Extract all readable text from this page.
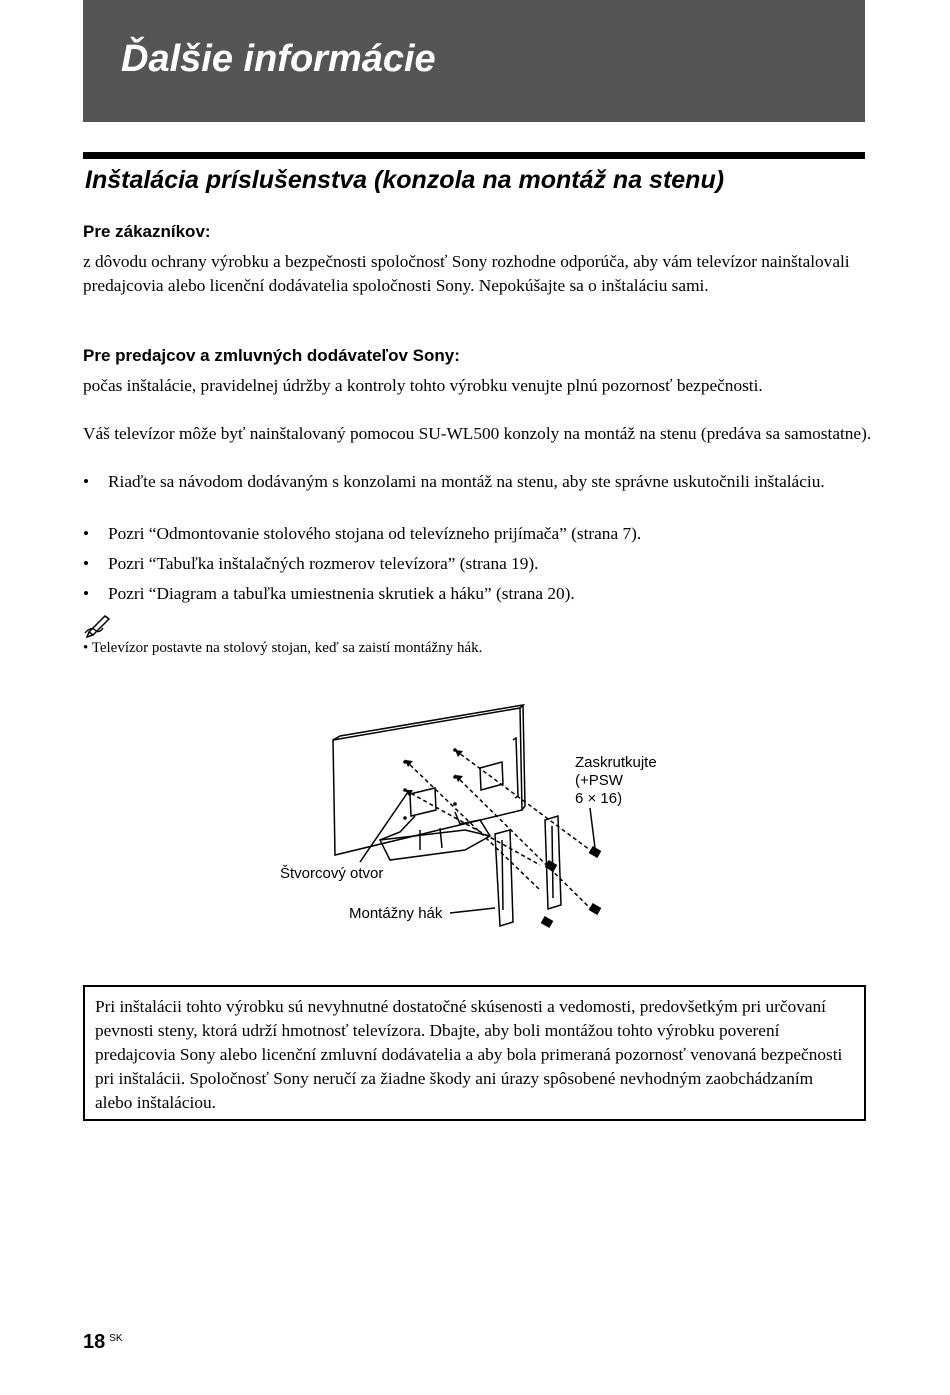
Ďalšie informácie
Inštalácia príslušenstva (konzola na montáž na stenu)
Pre zákazníkov:
z dôvodu ochrany výrobku a bezpečnosti spoločnosť Sony rozhodne odporúča, aby vám televízor nainštalovali predajcovia alebo licenční dodávatelia spoločnosti Sony. Nepokúšajte sa o inštaláciu sami.
Pre predajcov a zmluvných dodávateľov Sony:
počas inštalácie, pravidelnej údržby a kontroly tohto výrobku venujte plnú pozornosť bezpečnosti.
Váš televízor môže byť nainštalovaný pomocou SU-WL500 konzoly na montáž na stenu (predáva sa samostatne).
• Riaďte sa návodom dodávaným s konzolami na montáž na stenu, aby ste správne uskutočnili inštaláciu.
• Pozri “Odmontovanie stolového stojana od televízneho prijímača” (strana 7).
• Pozri “Tabuľka inštalačných rozmerov televízora” (strana 19).
• Pozri “Diagram a tabuľka umiestnenia skrutiek a háku” (strana 20).
• Televízor postavte na stolový stojan, keď sa zaistí montážny hák.
Zaskrutkujte
(+PSW
6 × 16)
Štvorcový otvor
Montážny hák
Pri inštalácii tohto výrobku sú nevyhnutné dostatočné skúsenosti a vedomosti, predovšetkým pri určovaní pevnosti steny, ktorá udrží hmotnosť televízora. Dbajte, aby boli montážou tohto výrobku poverení predajcovia Sony alebo licenční zmluvní dodávatelia a aby bola primeraná pozornosť venovaná bezpečnosti pri inštalácii. Spoločnosť Sony neručí za žiadne škody ani úrazy spôsobené nevhodným zaobchádzaním alebo inštaláciou.
18 $^{SK}$
